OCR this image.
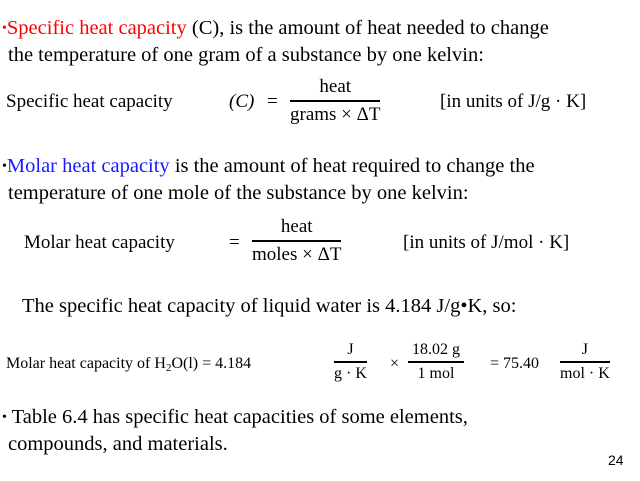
•Specific heat capacity (C), is the amount of heat needed to change
the temperature of one gram of a substance by one kelvin:
Specific heat capacity	(C) =
heat
grams × ΔT
[in units of J/g · K]
•Molar heat capacity is the amount of heat required to change the
temperature of one mole of the substance by one kelvin:
Molar heat capacity	=
heat
moles × ΔT
[in units of J/mol · K]
The specific heat capacity of liquid water is 4.184 J/g•K, so:
Molar heat capacity of $H_2O(l) = 4.184$	$\frac{J}{g \cdot K}$ ×
18.02 g
1 mol
= 75.40
J
mol · K
• Table 6.4 has specific heat capacities of some elements,
compounds, and materials.
24
